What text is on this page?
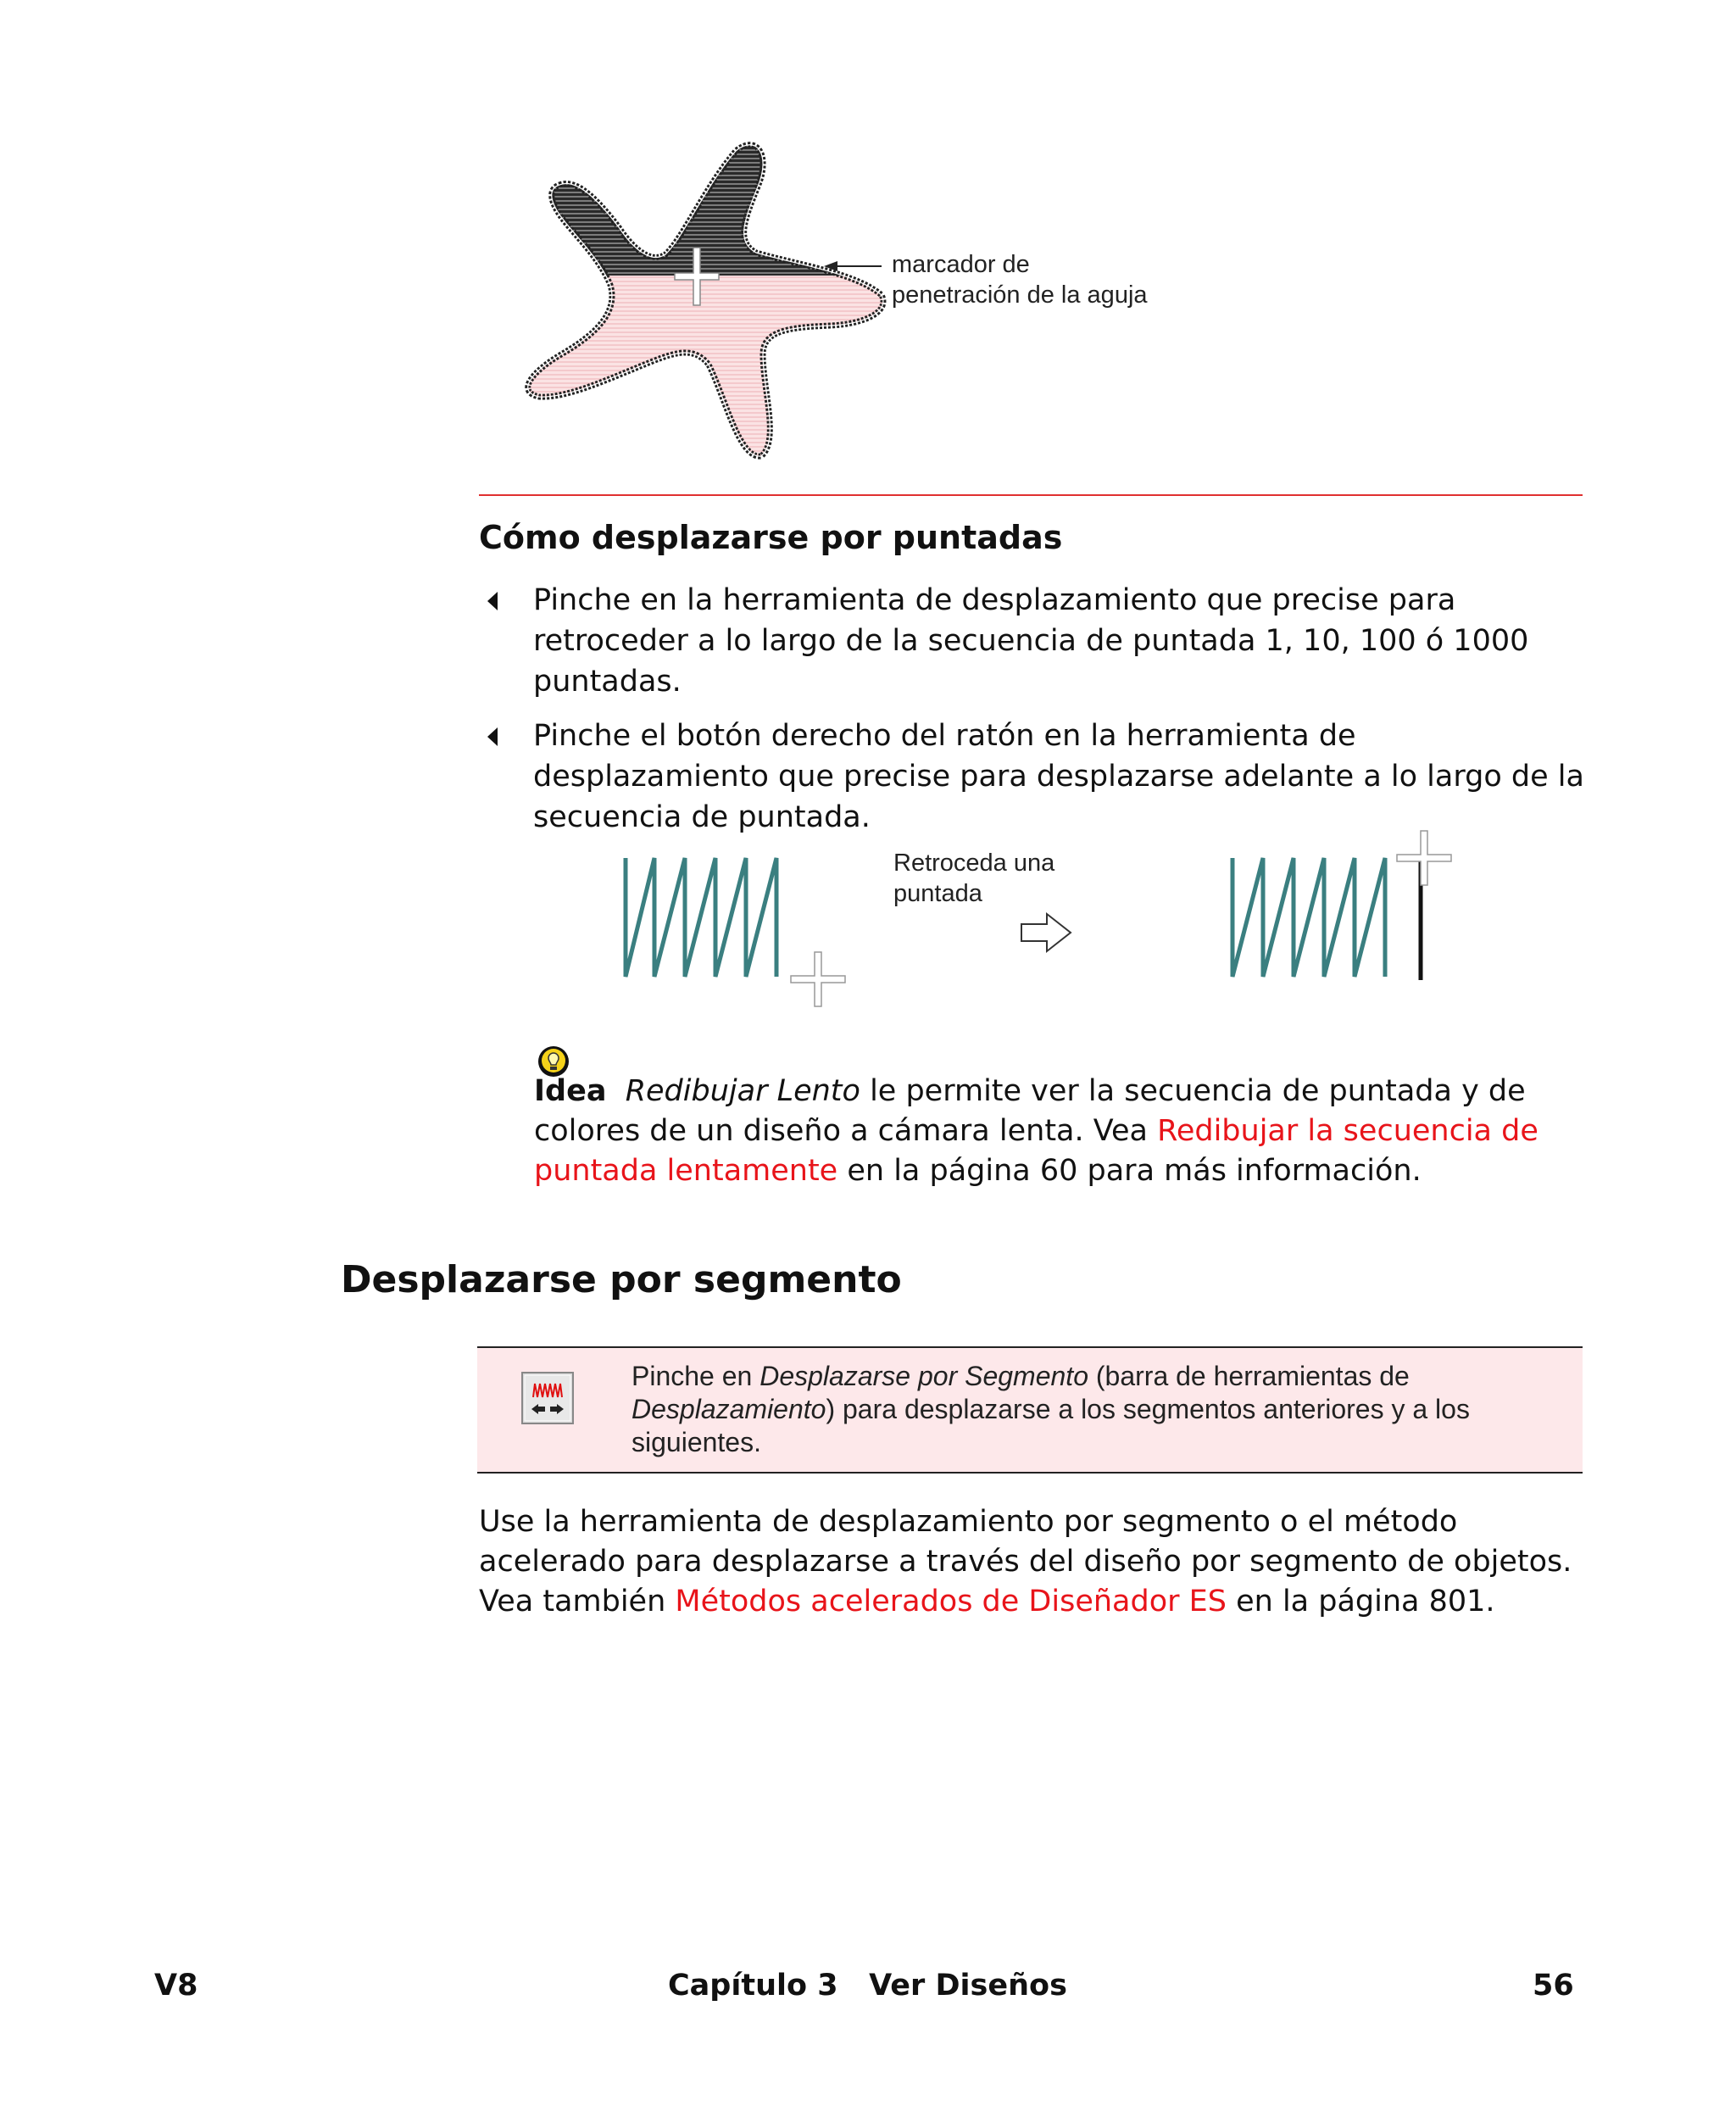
marcador de
penetración de la aguja
Cómo desplazarse por puntadas
Pinche en la herramienta de desplazamiento que precise para retroceder a lo largo de la secuencia de puntada 1, 10, 100 ó 1000 puntadas.
Pinche el botón derecho del ratón en la herramienta de desplazamiento que precise para desplazarse adelante a lo largo de la secuencia de puntada.
Retroceda una
puntada
Idea Redibujar Lento le permite ver la secuencia de puntada y de colores de un diseño a cámara lenta. Vea Redibujar la secuencia de puntada lentamente en la página 60 para más información.
Desplazarse por segmento
Pinche en Desplazarse por Segmento (barra de herramientas de Desplazamiento) para desplazarse a los segmentos anteriores y a los siguientes.
Use la herramienta de desplazamiento por segmento o el método acelerado para desplazarse a través del diseño por segmento de objetos. Vea también Métodos acelerados de Diseñador ES en la página 801.
V8	Capítulo 3   Ver Diseños	56
